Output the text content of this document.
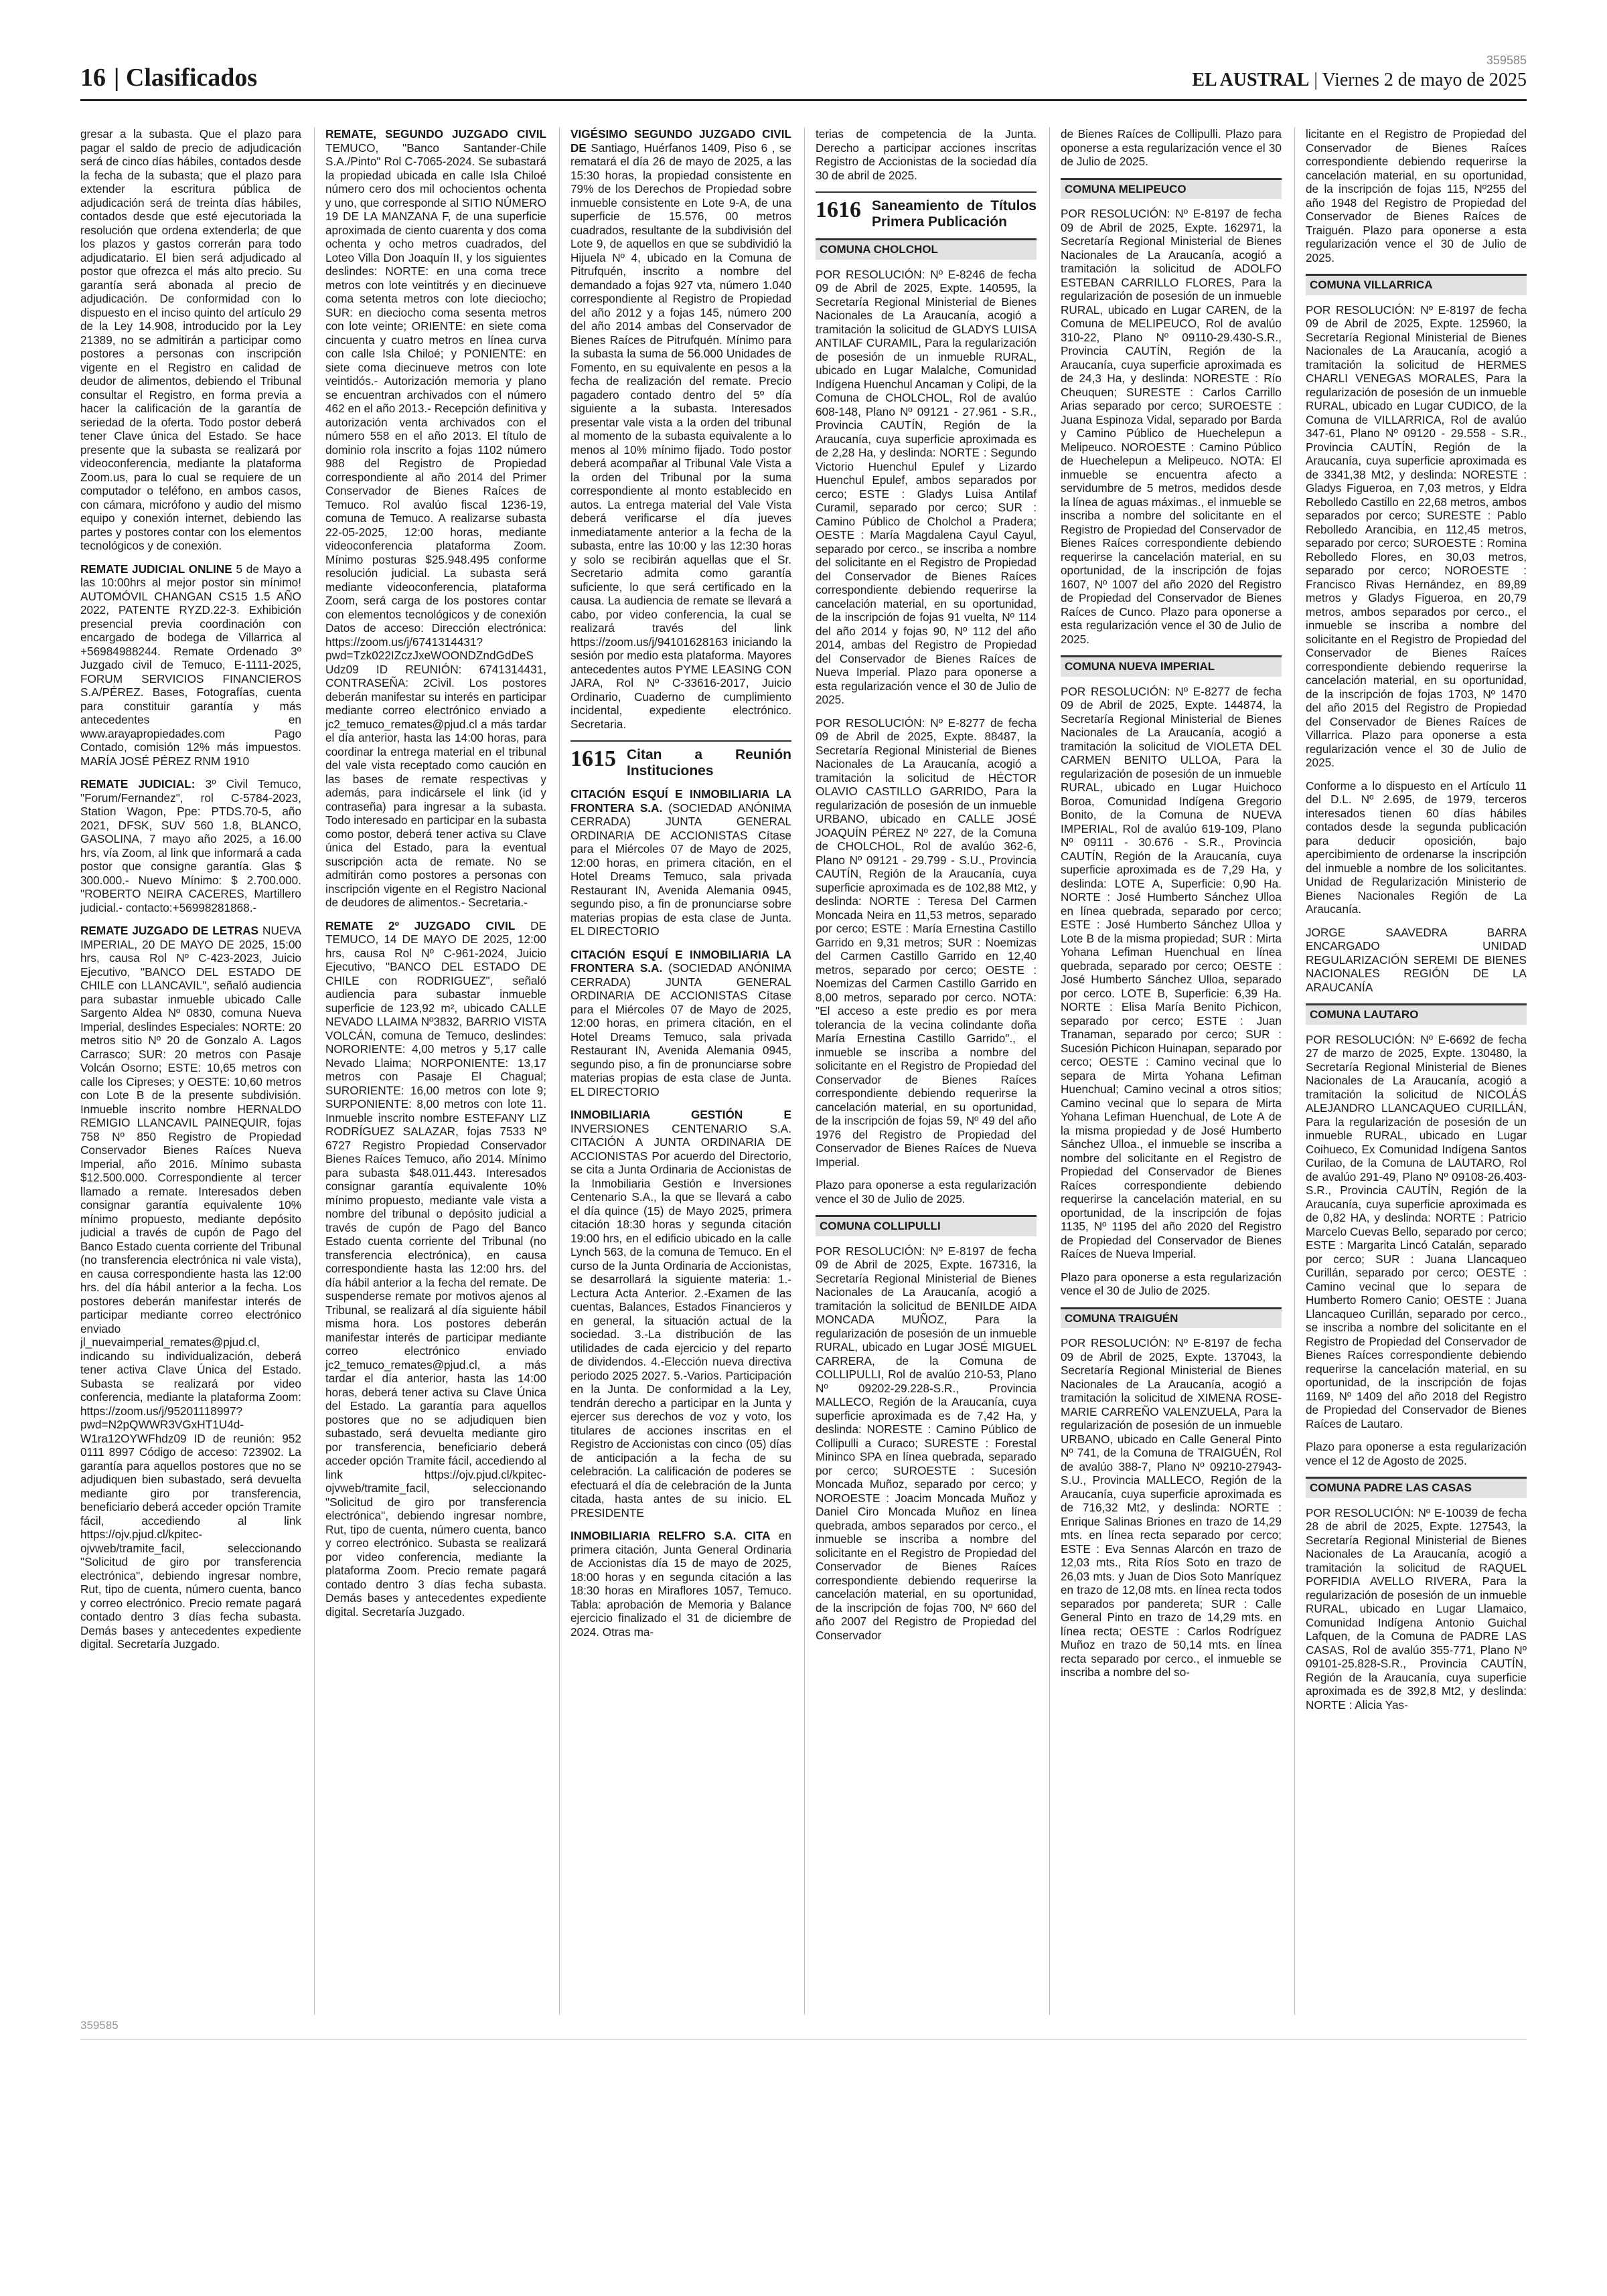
16 | Clasificados
359585
EL AUSTRAL | Viernes 2 de mayo de 2025

gresar a la subasta. Que el plazo para pagar el saldo de precio de adjudicación será de cinco días hábiles, contados desde la fecha de la subasta; que el plazo para extender la escritura pública de adjudicación será de treinta días hábiles, contados desde que esté ejecutoriada la resolución que ordena extenderla; de que los plazos y gastos correrán para todo adjudicatario. El bien será adjudicado al postor que ofrezca el más alto precio. Su garantía será abonada al precio de adjudicación. De conformidad con lo dispuesto en el inciso quinto del artículo 29 de la Ley 14.908, introducido por la Ley 21389, no se admitirán a participar como postores a personas con inscripción vigente en el Registro en calidad de deudor de alimentos, debiendo el Tribunal consultar el Registro, en forma previa a hacer la calificación de la garantía de seriedad de la oferta. Todo postor deberá tener Clave única del Estado. Se hace presente que la subasta se realizará por videoconferencia, mediante la plataforma Zoom.us, para lo cual se requiere de un computador o teléfono, en ambos casos, con cámara, micrófono y audio del mismo equipo y conexión internet, debiendo las partes y postores contar con los elementos tecnológicos y de conexión.

REMATE JUDICIAL ONLINE 5 de Mayo a las 10:00hrs al mejor postor sin mínimo! AUTOMÓVIL CHANGAN CS15 1.5 AÑO 2022, PATENTE RYZD.22-3. Exhibición presencial previa coordinación con encargado de bodega de Villarrica al +56984988244. Remate Ordenado 3º Juzgado civil de Temuco, E-1111-2025, FORUM SERVICIOS FINANCIEROS S.A/PÉREZ. Bases, Fotografías, cuenta para constituir garantía y más antecedentes en www.arayapropiedades.com Pago Contado, comisión 12% más impuestos. MARÍA JOSÉ PÉREZ RNM 1910

REMATE JUDICIAL: 3º Civil Temuco, "Forum/Fernandez", rol C-5784-2023, Station Wagon, Ppe: PTDS.70-5, año 2021, DFSK, SUV 560 1.8, BLANCO, GASOLINA, 7 mayo año 2025, a 16.00 hrs, vía Zoom, al link que informará a cada postor que consigne garantía. Glas $ 300.000.- Nuevo Mínimo: $ 2.700.000. "ROBERTO NEIRA CACERES, Martillero judicial.- contacto:+56998281868.-

REMATE JUZGADO DE LETRAS NUEVA IMPERIAL, 20 DE MAYO DE 2025, 15:00 hrs, causa Rol Nº C-423-2023, Juicio Ejecutivo, "BANCO DEL ESTADO DE CHILE con LLANCAVIL", señaló audiencia para subastar inmueble ubicado Calle Sargento Aldea Nº 0830, comuna Nueva Imperial, deslindes Especiales: NORTE: 20 metros sitio Nº 20 de Gonzalo A. Lagos Carrasco; SUR: 20 metros con Pasaje Volcán Osorno; ESTE: 10,65 metros con calle los Cipreses; y OESTE: 10,60 metros con Lote B de la presente subdivisión. Inmueble inscrito nombre HERNALDO REMIGIO LLANCAVIL PAINEQUIR, fojas 758 Nº 850 Registro de Propiedad Conservador Bienes Raíces Nueva Imperial, año 2016. Mínimo subasta $12.500.000. Correspondiente al tercer llamado a remate. Interesados deben consignar garantía equivalente 10% mínimo propuesto, mediante depósito judicial a través de cupón de Pago del Banco Estado cuenta corriente del Tribunal (no transferencia electrónica ni vale vista), en causa correspondiente hasta las 12:00 hrs. del día hábil anterior a la fecha. Los postores deberán manifestar interés de participar mediante correo electrónico enviado jl_nuevaimperial_remates@pjud.cl, indicando su individualización, deberá tener activa Clave Única del Estado. Subasta se realizará por video conferencia, mediante la plataforma Zoom: https://zoom.us/j/95201118997?pwd=N2pQWWR3VGxHT1U4d-W1ra12OYWFhdz09 ID de reunión: 952 0111 8997 Código de acceso: 723902. La garantía para aquellos postores que no se adjudiquen bien subastado, será devuelta mediante giro por transferencia, beneficiario deberá acceder opción Tramite fácil, accediendo al link https://ojv.pjud.cl/kpitec-ojvweb/tramite_facil, seleccionando "Solicitud de giro por transferencia electrónica", debiendo ingresar nombre, Rut, tipo de cuenta, número cuenta, banco y correo electrónico. Precio remate pagará contado dentro 3 días fecha subasta. Demás bases y antecedentes expediente digital. Secretaría Juzgado.

REMATE, SEGUNDO JUZGADO CIVIL TEMUCO, "Banco Santander-Chile S.A./Pinto" Rol C-7065-2024. Se subastará la propiedad ubicada en calle Isla Chiloé número cero dos mil ochocientos ochenta y uno, que corresponde al SITIO NÚMERO 19 DE LA MANZANA F, de una superficie aproximada de ciento cuarenta y dos coma ochenta y ocho metros cuadrados, del Loteo Villa Don Joaquín II, y los siguientes deslindes: NORTE: en una coma trece metros con lote veintitrés y en diecinueve coma setenta metros con lote dieciocho; SUR: en dieciocho coma sesenta metros con lote veinte; ORIENTE: en siete coma cincuenta y cuatro metros en línea curva con calle Isla Chiloé; y PONIENTE: en siete coma diecinueve metros con lote veintidós.- Autorización memoria y plano se encuentran archivados con el número 462 en el año 2013.- Recepción definitiva y autorización venta archivados con el número 558 en el año 2013. El título de dominio rola inscrito a fojas 1102 número 988 del Registro de Propiedad correspondiente al año 2014 del Primer Conservador de Bienes Raíces de Temuco. Rol avalúo fiscal 1236-19, comuna de Temuco. A realizarse subasta 22-05-2025, 12:00 horas, mediante videoconferencia plataforma Zoom. Mínimo posturas $25.948.495 conforme resolución judicial. La subasta será mediante videoconferencia, plataforma Zoom, será carga de los postores contar con elementos tecnológicos y de conexión Datos de acceso: Dirección electrónica: https://zoom.us/j/6741314431? pwd=Tzk022IZczJxeWOONDZndGdDeS Udz09 ID REUNIÓN: 6741314431, CONTRASEÑA: 2Civil. Los postores deberán manifestar su interés en participar mediante correo electrónico enviado a jc2_temuco_remates@pjud.cl a más tardar el día anterior, hasta las 14:00 horas, para coordinar la entrega material en el tribunal del vale vista receptado como caución en las bases de remate respectivas y además, para indicársele el link (id y contraseña) para ingresar a la subasta. Todo interesado en participar en la subasta como postor, deberá tener activa su Clave única del Estado, para la eventual suscripción acta de remate. No se admitirán como postores a personas con inscripción vigente en el Registro Nacional de deudores de alimentos.- Secretaria.-

REMATE 2º JUZGADO CIVIL DE TEMUCO, 14 DE MAYO DE 2025, 12:00 hrs, causa Rol Nº C-961-2024, Juicio Ejecutivo, "BANCO DEL ESTADO DE CHILE con RODRIGUEZ", señaló audiencia para subastar inmueble superficie de 123,92 m², ubicado CALLE NEVADO LLAIMA Nº3832, BARRIO VISTA VOLCÁN, comuna de Temuco, deslindes: NORORIENTE: 4,00 metros y 5,17 calle Nevado Llaima; NORPONIENTE: 13,17 metros con Pasaje El Chagual; SURORIENTE: 16,00 metros con lote 9; SURPONIENTE: 8,00 metros con lote 11. Inmueble inscrito nombre ESTEFANY LIZ RODRÍGUEZ SALAZAR, fojas 7533 Nº 6727 Registro Propiedad Conservador Bienes Raíces Temuco, año 2014. Mínimo para subasta $48.011.443. Interesados consignar garantía equivalente 10% mínimo propuesto, mediante vale vista a nombre del tribunal o depósito judicial a través de cupón de Pago del Banco Estado cuenta corriente del Tribunal (no transferencia electrónica), en causa correspondiente hasta las 12:00 hrs. del día hábil anterior a la fecha del remate. De suspenderse remate por motivos ajenos al Tribunal, se realizará al día siguiente hábil misma hora. Los postores deberán manifestar interés de participar mediante correo electrónico enviado jc2_temuco_remates@pjud.cl, a más tardar el día anterior, hasta las 14:00 horas, deberá tener activa su Clave Única del Estado. La garantía para aquellos postores que no se adjudiquen bien subastado, será devuelta mediante giro por transferencia, beneficiario deberá acceder opción Tramite fácil, accediendo al link https://ojv.pjud.cl/kpitec-ojvweb/tramite_facil, seleccionando "Solicitud de giro por transferencia electrónica", debiendo ingresar nombre, Rut, tipo de cuenta, número cuenta, banco y correo electrónico. Subasta se realizará por video conferencia, mediante la plataforma Zoom. Precio remate pagará contado dentro 3 días fecha subasta. Demás bases y antecedentes expediente digital. Secretaría Juzgado.

VIGÉSIMO SEGUNDO JUZGADO CIVIL DE Santiago, Huérfanos 1409, Piso 6 , se rematará el día 26 de mayo de 2025, a las 15:30 horas, la propiedad consistente en 79% de los Derechos de Propiedad sobre inmueble consistente en Lote 9-A, de una superficie de 15.576, 00 metros cuadrados, resultante de la subdivisión del Lote 9, de aquellos en que se subdividió la Hijuela Nº 4, ubicado en la Comuna de Pitrufquén, inscrito a nombre del demandado a fojas 927 vta, número 1.040 correspondiente al Registro de Propiedad del año 2012 y a fojas 145, número 200 del año 2014 ambas del Conservador de Bienes Raíces de Pitrufquén. Mínimo para la subasta la suma de 56.000 Unidades de Fomento, en su equivalente en pesos a la fecha de realización del remate. Precio pagadero contado dentro del 5º día siguiente a la subasta. Interesados presentar vale vista a la orden del tribunal al momento de la subasta equivalente a lo menos al 10% mínimo fijado. Todo postor deberá acompañar al Tribunal Vale Vista a la orden del Tribunal por la suma correspondiente al monto establecido en autos. La entrega material del Vale Vista deberá verificarse el día jueves inmediatamente anterior a la fecha de la subasta, entre las 10:00 y las 12:30 horas y solo se recibirán aquellas que el Sr. Secretario admita como garantía suficiente, lo que será certificado en la causa. La audiencia de remate se llevará a cabo, por video conferencia, la cual se realizará través del link https://zoom.us/j/94101628163 iniciando la sesión por medio esta plataforma. Mayores antecedentes autos PYME LEASING CON JARA, Rol Nº C-33616-2017, Juicio Ordinario, Cuaderno de cumplimiento incidental, expediente electrónico. Secretaria.

1615 Citan a Reunión Instituciones

CITACIÓN ESQUÍ E INMOBILIARIA LA FRONTERA S.A. (SOCIEDAD ANÓNIMA CERRADA) JUNTA GENERAL ORDINARIA DE ACCIONISTAS Cítase para el Miércoles 07 de Mayo de 2025, 12:00 horas, en primera citación, en el Hotel Dreams Temuco, sala privada Restaurant IN, Avenida Alemania 0945, segundo piso, a fin de pronunciarse sobre materias propias de esta clase de Junta. EL DIRECTORIO

CITACIÓN ESQUÍ E INMOBILIARIA LA FRONTERA S.A. (SOCIEDAD ANÓNIMA CERRADA) JUNTA GENERAL ORDINARIA DE ACCIONISTAS Cítase para el Miércoles 07 de Mayo de 2025, 12:00 horas, en primera citación, en el Hotel Dreams Temuco, sala privada Restaurant IN, Avenida Alemania 0945, segundo piso, a fin de pronunciarse sobre materias propias de esta clase de Junta. EL DIRECTORIO

INMOBILIARIA GESTIÓN E INVERSIONES CENTENARIO S.A. CITACIÓN A JUNTA ORDINARIA DE ACCIONISTAS Por acuerdo del Directorio, se cita a Junta Ordinaria de Accionistas de la Inmobiliaria Gestión e Inversiones Centenario S.A., la que se llevará a cabo el día quince (15) de Mayo 2025, primera citación 18:30 horas y segunda citación 19:00 hrs, en el edificio ubicado en la calle Lynch 563, de la comuna de Temuco. En el curso de la Junta Ordinaria de Accionistas, se desarrollará la siguiente materia: 1.-Lectura Acta Anterior. 2.-Examen de las cuentas, Balances, Estados Financieros y en general, la situación actual de la sociedad. 3.-La distribución de las utilidades de cada ejercicio y del reparto de dividendos. 4.-Elección nueva directiva periodo 2025 2027. 5.-Varios. Participación en la Junta. De conformidad a la Ley, tendrán derecho a participar en la Junta y ejercer sus derechos de voz y voto, los titulares de acciones inscritas en el Registro de Accionistas con cinco (05) días de anticipación a la fecha de su celebración. La calificación de poderes se efectuará el día de celebración de la Junta citada, hasta antes de su inicio. EL PRESIDENTE

INMOBILIARIA RELFRO S.A. CITA en primera citación, Junta General Ordinaria de Accionistas día 15 de mayo de 2025, 18:00 horas y en segunda citación a las 18:30 horas en Miraflores 1057, Temuco. Tabla: aprobación de Memoria y Balance ejercicio finalizado el 31 de diciembre de 2024. Otras ma-

terias de competencia de la Junta. Derecho a participar acciones inscritas Registro de Accionistas de la sociedad día 30 de abril de 2025.

1616 Saneamiento de Títulos Primera Publicación
COMUNA CHOLCHOL

POR RESOLUCIÓN: Nº E-8246 de fecha 09 de Abril de 2025, Expte. 140595, la Secretaría Regional Ministerial de Bienes Nacionales de La Araucanía, acogió a tramitación la solicitud de GLADYS LUISA ANTILAF CURAMIL, Para la regularización de posesión de un inmueble RURAL, ubicado en Lugar Malalche, Comunidad Indígena Huenchul Ancaman y Colipi, de la Comuna de CHOLCHOL, Rol de avalúo 608-148, Plano Nº 09121 - 27.961 - S.R., Provincia CAUTÍN, Región de la Araucanía, cuya superficie aproximada es de 2,28 Ha, y deslinda: NORTE : Segundo Victorio Huenchul Epulef y Lizardo Huenchul Epulef, ambos separados por cerco; ESTE : Gladys Luisa Antilaf Curamil, separado por cerco; SUR : Camino Público de Cholchol a Pradera; OESTE : María Magdalena Cayul Cayul, separado por cerco., se inscriba a nombre del solicitante en el Registro de Propiedad del Conservador de Bienes Raíces correspondiente debiendo requerirse la cancelación material, en su oportunidad, de la inscripción de fojas 91 vuelta, Nº 114 del año 2014 y fojas 90, Nº 112 del año 2014, ambas del Registro de Propiedad del Conservador de Bienes Raíces de Nueva Imperial. Plazo para oponerse a esta regularización vence el 30 de Julio de 2025.

POR RESOLUCIÓN: Nº E-8277 de fecha 09 de Abril de 2025, Expte. 88487, la Secretaría Regional Ministerial de Bienes Nacionales de La Araucanía, acogió a tramitación la solicitud de HÉCTOR OLAVIO CASTILLO GARRIDO, Para la regularización de posesión de un inmueble URBANO, ubicado en CALLE JOSÉ JOAQUÍN PÉREZ Nº 227, de la Comuna de CHOLCHOL, Rol de avalúo 362-6, Plano Nº 09121 - 29.799 - S.U., Provincia CAUTÍN, Región de la Araucanía, cuya superficie aproximada es de 102,88 Mt2, y deslinda: NORTE : Teresa Del Carmen Moncada Neira en 11,53 metros, separado por cerco; ESTE : María Ernestina Castillo Garrido en 9,31 metros; SUR : Noemizas del Carmen Castillo Garrido en 12,40 metros, separado por cerco; OESTE : Noemizas del Carmen Castillo Garrido en 8,00 metros, separado por cerco. NOTA: "El acceso a este predio es por mera tolerancia de la vecina colindante doña María Ernestina Castillo Garrido"., el inmueble se inscriba a nombre del solicitante en el Registro de Propiedad del Conservador de Bienes Raíces correspondiente debiendo requerirse la cancelación material, en su oportunidad, de la inscripción de fojas 59, Nº 49 del año 1976 del Registro de Propiedad del Conservador de Bienes Raíces de Nueva Imperial.

Plazo para oponerse a esta regularización vence el 30 de Julio de 2025.

COMUNA COLLIPULLI

POR RESOLUCIÓN: Nº E-8197 de fecha 09 de Abril de 2025, Expte. 167316, la Secretaría Regional Ministerial de Bienes Nacionales de La Araucanía, acogió a tramitación la solicitud de BENILDE AIDA MONCADA MUÑOZ, Para la regularización de posesión de un inmueble RURAL, ubicado en Lugar JOSÉ MIGUEL CARRERA, de la Comuna de COLLIPULLI, Rol de avalúo 210-53, Plano Nº 09202-29.228-S.R., Provincia MALLECO, Región de la Araucanía, cuya superficie aproximada es de 7,42 Ha, y deslinda: NORESTE : Camino Público de Collipulli a Curaco; SURESTE : Forestal Mininco SPA en línea quebrada, separado por cerco; SUROESTE : Sucesión Moncada Muñoz, separado por cerco; y NOROESTE : Joacim Moncada Muñoz y Daniel Ciro Moncada Muñoz en línea quebrada, ambos separados por cerco., el inmueble se inscriba a nombre del solicitante en el Registro de Propiedad del Conservador de Bienes Raíces correspondiente debiendo requerirse la cancelación material, en su oportunidad, de la inscripción de fojas 700, Nº 660 del año 2007 del Registro de Propiedad del Conservador

de Bienes Raíces de Collipulli. Plazo para oponerse a esta regularización vence el 30 de Julio de 2025.

COMUNA MELIPEUCO

POR RESOLUCIÓN: Nº E-8197 de fecha 09 de Abril de 2025, Expte. 162971, la Secretaría Regional Ministerial de Bienes Nacionales de La Araucanía, acogió a tramitación la solicitud de ADOLFO ESTEBAN CARRILLO FLORES, Para la regularización de posesión de un inmueble RURAL, ubicado en Lugar CAREN, de la Comuna de MELIPEUCO, Rol de avalúo 310-22, Plano Nº 09110-29.430-S.R., Provincia CAUTÍN, Región de la Araucanía, cuya superficie aproximada es de 24,3 Ha, y deslinda: NORESTE : Río Cheuquen; SURESTE : Carlos Carrillo Arias separado por cerco; SUROESTE : Juana Espinoza Vidal, separado por Barda y Camino Público de Huechelepun a Melipeuco. NOROESTE : Camino Público de Huechelepun a Melipeuco. NOTA: El inmueble se encuentra afecto a servidumbre de 5 metros, medidos desde la línea de aguas máximas., el inmueble se inscriba a nombre del solicitante en el Registro de Propiedad del Conservador de Bienes Raíces correspondiente debiendo requerirse la cancelación material, en su oportunidad, de la inscripción de fojas 1607, Nº 1007 del año 2020 del Registro de Propiedad del Conservador de Bienes Raíces de Cunco. Plazo para oponerse a esta regularización vence el 30 de Julio de 2025.

COMUNA NUEVA IMPERIAL

POR RESOLUCIÓN: Nº E-8277 de fecha 09 de Abril de 2025, Expte. 144874, la Secretaría Regional Ministerial de Bienes Nacionales de La Araucanía, acogió a tramitación la solicitud de VIOLETA DEL CARMEN BENITO ULLOA, Para la regularización de posesión de un inmueble RURAL, ubicado en Lugar Huichoco Boroa, Comunidad Indígena Gregorio Bonito, de la Comuna de NUEVA IMPERIAL, Rol de avalúo 619-109, Plano Nº 09111 - 30.676 - S.R., Provincia CAUTÍN, Región de la Araucanía, cuya superficie aproximada es de 7,29 Ha, y deslinda: LOTE A, Superficie: 0,90 Ha. NORTE : José Humberto Sánchez Ulloa en línea quebrada, separado por cerco; ESTE : José Humberto Sánchez Ulloa y Lote B de la misma propiedad; SUR : Mirta Yohana Lefiman Huenchual en línea quebrada, separado por cerco; OESTE : José Humberto Sánchez Ulloa, separado por cerco. LOTE B, Superficie: 6,39 Ha. NORTE : Elisa María Benito Pichicon, separado por cerco; ESTE : Juan Tranaman, separado por cerco; SUR : Sucesión Pichicon Huinapan, separado por cerco; OESTE : Camino vecinal que lo separa de Mirta Yohana Lefiman Huenchual; Camino vecinal a otros sitios; Camino vecinal que lo separa de Mirta Yohana Lefiman Huenchual, de Lote A de la misma propiedad y de José Humberto Sánchez Ulloa., el inmueble se inscriba a nombre del solicitante en el Registro de Propiedad del Conservador de Bienes Raíces correspondiente debiendo requerirse la cancelación material, en su oportunidad, de la inscripción de fojas 1135, Nº 1195 del año 2020 del Registro de Propiedad del Conservador de Bienes Raíces de Nueva Imperial.

Plazo para oponerse a esta regularización vence el 30 de Julio de 2025.

COMUNA TRAIGUÉN

POR RESOLUCIÓN: Nº E-8197 de fecha 09 de Abril de 2025, Expte. 137043, la Secretaría Regional Ministerial de Bienes Nacionales de La Araucanía, acogió a tramitación la solicitud de XIMENA ROSE-MARIE CARREÑO VALENZUELA, Para la regularización de posesión de un inmueble URBANO, ubicado en Calle General Pinto Nº 741, de la Comuna de TRAIGUÉN, Rol de avalúo 388-7, Plano Nº 09210-27943-S.U., Provincia MALLECO, Región de la Araucanía, cuya superficie aproximada es de 716,32 Mt2, y deslinda: NORTE : Enrique Salinas Briones en trazo de 14,29 mts. en línea recta separado por cerco; ESTE : Eva Sennas Alarcón en trazo de 12,03 mts., Rita Ríos Soto en trazo de 26,03 mts. y Juan de Dios Soto Manríquez en trazo de 12,08 mts. en línea recta todos separados por pandereta; SUR : Calle General Pinto en trazo de 14,29 mts. en línea recta; OESTE : Carlos Rodríguez Muñoz en trazo de 50,14 mts. en línea recta separado por cerco., el inmueble se inscriba a nombre del so-

licitante en el Registro de Propiedad del Conservador de Bienes Raíces correspondiente debiendo requerirse la cancelación material, en su oportunidad, de la inscripción de fojas 115, Nº255 del año 1948 del Registro de Propiedad del Conservador de Bienes Raíces de Traiguén. Plazo para oponerse a esta regularización vence el 30 de Julio de 2025.

COMUNA VILLARRICA

POR RESOLUCIÓN: Nº E-8197 de fecha 09 de Abril de 2025, Expte. 125960, la Secretaría Regional Ministerial de Bienes Nacionales de La Araucanía, acogió a tramitación la solicitud de HERMES CHARLI VENEGAS MORALES, Para la regularización de posesión de un inmueble RURAL, ubicado en Lugar CUDICO, de la Comuna de VILLARRICA, Rol de avalúo 347-61, Plano Nº 09120 - 29.558 - S.R., Provincia CAUTÍN, Región de la Araucanía, cuya superficie aproximada es de 3341,38 Mt2, y deslinda: NORESTE : Gladys Figueroa, en 7,03 metros, y Eldra Rebolledo Castillo en 22,68 metros, ambos separados por cerco; SURESTE : Pablo Rebolledo Arancibia, en 112,45 metros, separado por cerco; SUROESTE : Romina Rebolledo Flores, en 30,03 metros, separado por cerco; NOROESTE : Francisco Rivas Hernández, en 89,89 metros y Gladys Figueroa, en 20,79 metros, ambos separados por cerco., el inmueble se inscriba a nombre del solicitante en el Registro de Propiedad del Conservador de Bienes Raíces correspondiente debiendo requerirse la cancelación material, en su oportunidad, de la inscripción de fojas 1703, Nº 1470 del año 2015 del Registro de Propiedad del Conservador de Bienes Raíces de Villarrica. Plazo para oponerse a esta regularización vence el 30 de Julio de 2025.

Conforme a lo dispuesto en el Artículo 11 del D.L. Nº 2.695, de 1979, terceros interesados tienen 60 días hábiles contados desde la segunda publicación para deducir oposición, bajo apercibimiento de ordenarse la inscripción del inmueble a nombre de los solicitantes. Unidad de Regularización Ministerio de Bienes Nacionales Región de La Araucanía.

JORGE SAAVEDRA BARRA ENCARGADO UNIDAD REGULARIZACIÓN SEREMI DE BIENES NACIONALES REGIÓN DE LA ARAUCANÍA

COMUNA LAUTARO

POR RESOLUCIÓN: Nº E-6692 de fecha 27 de marzo de 2025, Expte. 130480, la Secretaría Regional Ministerial de Bienes Nacionales de La Araucanía, acogió a tramitación la solicitud de NICOLÁS ALEJANDRO LLANCAQUEO CURILLÁN, Para la regularización de posesión de un inmueble RURAL, ubicado en Lugar Coihueco, Ex Comunidad Indígena Santos Curilao, de la Comuna de LAUTARO, Rol de avalúo 291-49, Plano Nº 09108-26.403-S.R., Provincia CAUTÍN, Región de la Araucanía, cuya superficie aproximada es de 0,82 HA, y deslinda: NORTE : Patricio Marcelo Cuevas Bello, separado por cerco; ESTE : Margarita Lincó Catalán, separado por cerco; SUR : Juana Llancaqueo Curillán, separado por cerco; OESTE : Camino vecinal que lo separa de Humberto Romero Canio; OESTE : Juana Llancaqueo Curillán, separado por cerco., se inscriba a nombre del solicitante en el Registro de Propiedad del Conservador de Bienes Raíces correspondiente debiendo requerirse la cancelación material, en su oportunidad, de la inscripción de fojas 1169, Nº 1409 del año 2018 del Registro de Propiedad del Conservador de Bienes Raíces de Lautaro.

Plazo para oponerse a esta regularización vence el 12 de Agosto de 2025.

COMUNA PADRE LAS CASAS

POR RESOLUCIÓN: Nº E-10039 de fecha 28 de abril de 2025, Expte. 127543, la Secretaría Regional Ministerial de Bienes Nacionales de La Araucanía, acogió a tramitación la solicitud de RAQUEL PORFIDIA AVELLO RIVERA, Para la regularización de posesión de un inmueble RURAL, ubicado en Lugar Llamaico, Comunidad Indígena Antonio Guichal Lafquen, de la Comuna de PADRE LAS CASAS, Rol de avalúo 355-771, Plano Nº 09101-25.828-S.R., Provincia CAUTÍN, Región de la Araucanía, cuya superficie aproximada es de 392,8 Mt2, y deslinda: NORTE : Alicia Yas-

359585
